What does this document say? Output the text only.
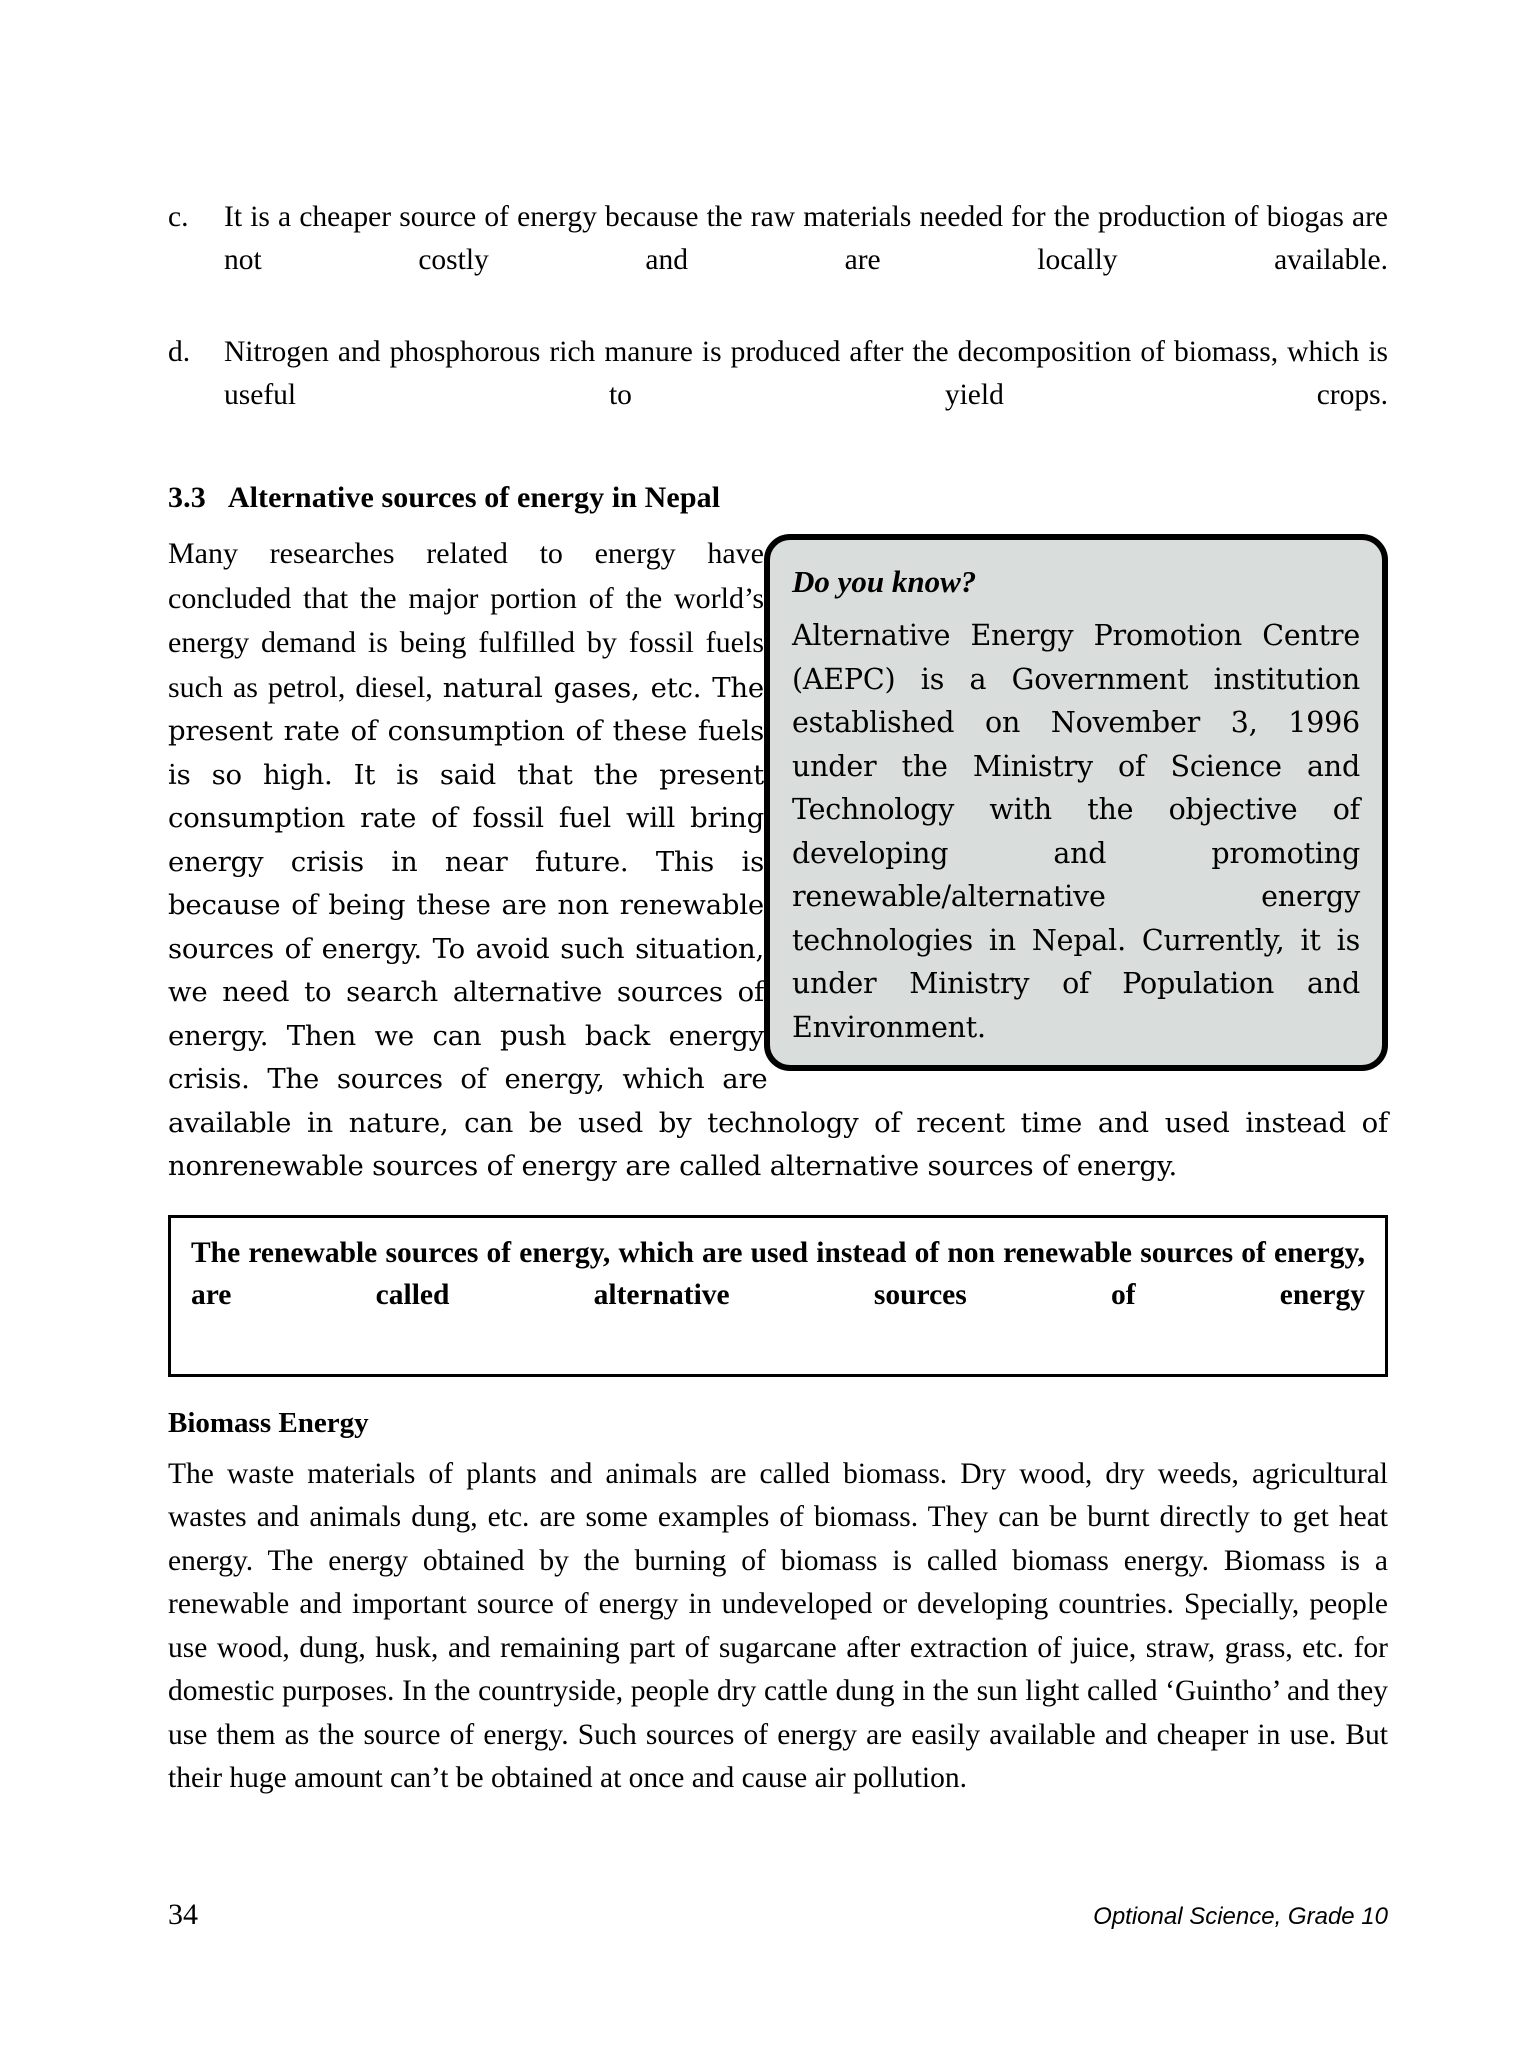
c.	It is a cheaper source of energy because the raw materials needed for the production of biogas are not costly and are locally available.
d.	Nitrogen and phosphorous rich manure is produced after the decomposition of biomass, which is useful to yield crops.
3.3 Alternative sources of energy in Nepal
Do you know?
Alternative Energy Promotion Centre (AEPC) is a Government institution established on November 3, 1996 under the Ministry of Science and Technology with the objective of developing and promoting renewable/alternative energy technologies in Nepal. Currently, it is under Ministry of Population and Environment.
Many researches related to energy have concluded that the major portion of the world’s energy demand is being fulfilled by fossil fuels such as petrol, diesel, natural gases, etc. The present rate of consumption of these fuels is so high. It is said that the present consumption rate of fossil fuel will bring energy crisis in near future. This is because of being these are non renewable sources of energy. To avoid such situation, we need to search alternative sources of energy. Then we can push back energy crisis. The sources of energy, which are available in nature, can be used by technology of recent time and used instead of nonrenewable sources of energy are called alternative sources of energy.

The renewable sources of energy, which are used instead of non renewable sources of energy, are called alternative sources of energy

Biomass Energy

The waste materials of plants and animals are called biomass. Dry wood, dry weeds, agricultural wastes and animals dung, etc. are some examples of biomass. They can be burnt directly to get heat energy. The energy obtained by the burning of biomass is called biomass energy. Biomass is a renewable and important source of energy in undeveloped or developing countries. Specially, people use wood, dung, husk, and remaining part of sugarcane after extraction of juice, straw, grass, etc. for domestic purposes. In the countryside, people dry cattle dung in the sun light called ‘Guintho’ and they use them as the source of energy. Such sources of energy are easily available and cheaper in use. But their huge amount can’t be obtained at once and cause air pollution.

34	Optional Science, Grade 10
